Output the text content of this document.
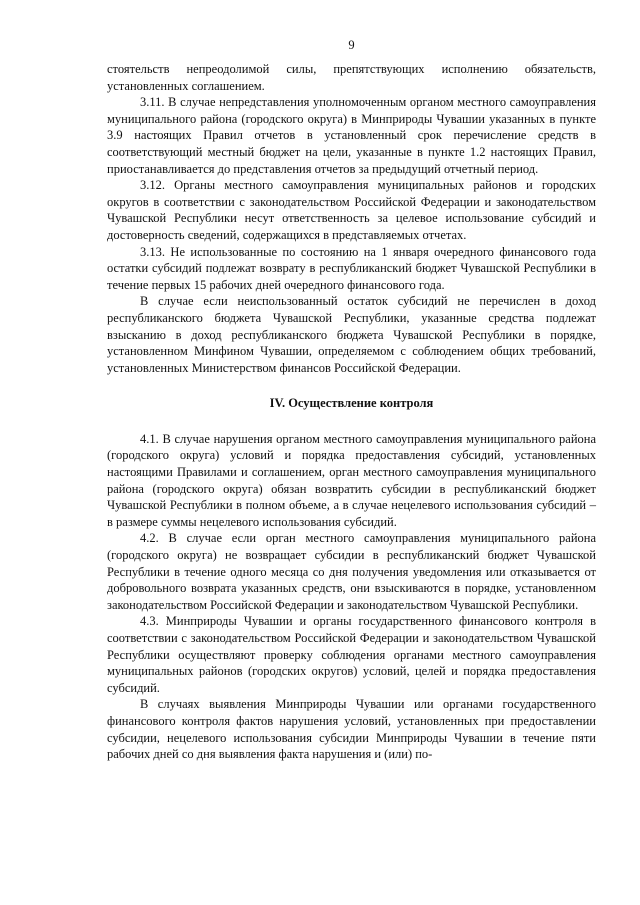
9

стоятельств непреодолимой силы, препятствующих исполнению обязательств, установленных соглашением.

3.11. В случае непредставления уполномоченным органом местного самоуправления муниципального района (городского округа) в Минприроды Чувашии указанных в пункте 3.9 настоящих Правил отчетов в установленный срок перечисление средств в соответствующий местный бюджет на цели, указанные в пункте 1.2 настоящих Правил, приостанавливается до представления отчетов за предыдущий отчетный период.

3.12. Органы местного самоуправления муниципальных районов и городских округов в соответствии с законодательством Российской Федерации и законодательством Чувашской Республики несут ответственность за целевое использование субсидий и достоверность сведений, содержащихся в представляемых отчетах.

3.13. Не использованные по состоянию на 1 января очередного финансового года остатки субсидий подлежат возврату в республиканский бюджет Чувашской Республики в течение первых 15 рабочих дней очередного финансового года.

В случае если неиспользованный остаток субсидий не перечислен в доход республиканского бюджета Чувашской Республики, указанные средства подлежат взысканию в доход республиканского бюджета Чувашской Республики в порядке, установленном Минфином Чувашии, определяемом с соблюдением общих требований, установленных Министерством финансов Российской Федерации.

IV. Осуществление контроля

4.1. В случае нарушения органом местного самоуправления муниципального района (городского округа) условий и порядка предоставления субсидий, установленных настоящими Правилами и соглашением, орган местного самоуправления муниципального района (городского округа) обязан возвратить субсидии в республиканский бюджет Чувашской Республики в полном объеме, а в случае нецелевого использования субсидий – в размере суммы нецелевого использования субсидий.

4.2. В случае если орган местного самоуправления муниципального района (городского округа) не возвращает субсидии в республиканский бюджет Чувашской Республики в течение одного месяца со дня получения уведомления или отказывается от добровольного возврата указанных средств, они взыскиваются в порядке, установленном законодательством Российской Федерации и законодательством Чувашской Республики.

4.3. Минприроды Чувашии и органы государственного финансового контроля в соответствии с законодательством Российской Федерации и законодательством Чувашской Республики осуществляют проверку соблюдения органами местного самоуправления муниципальных районов (городских округов) условий, целей и порядка предоставления субсидий.

В случаях выявления Минприроды Чувашии или органами государственного финансового контроля фактов нарушения условий, установленных при предоставлении субсидии, нецелевого использования субсидии Минприроды Чувашии в течение пяти рабочих дней со дня выявления факта нарушения и (или) по-
